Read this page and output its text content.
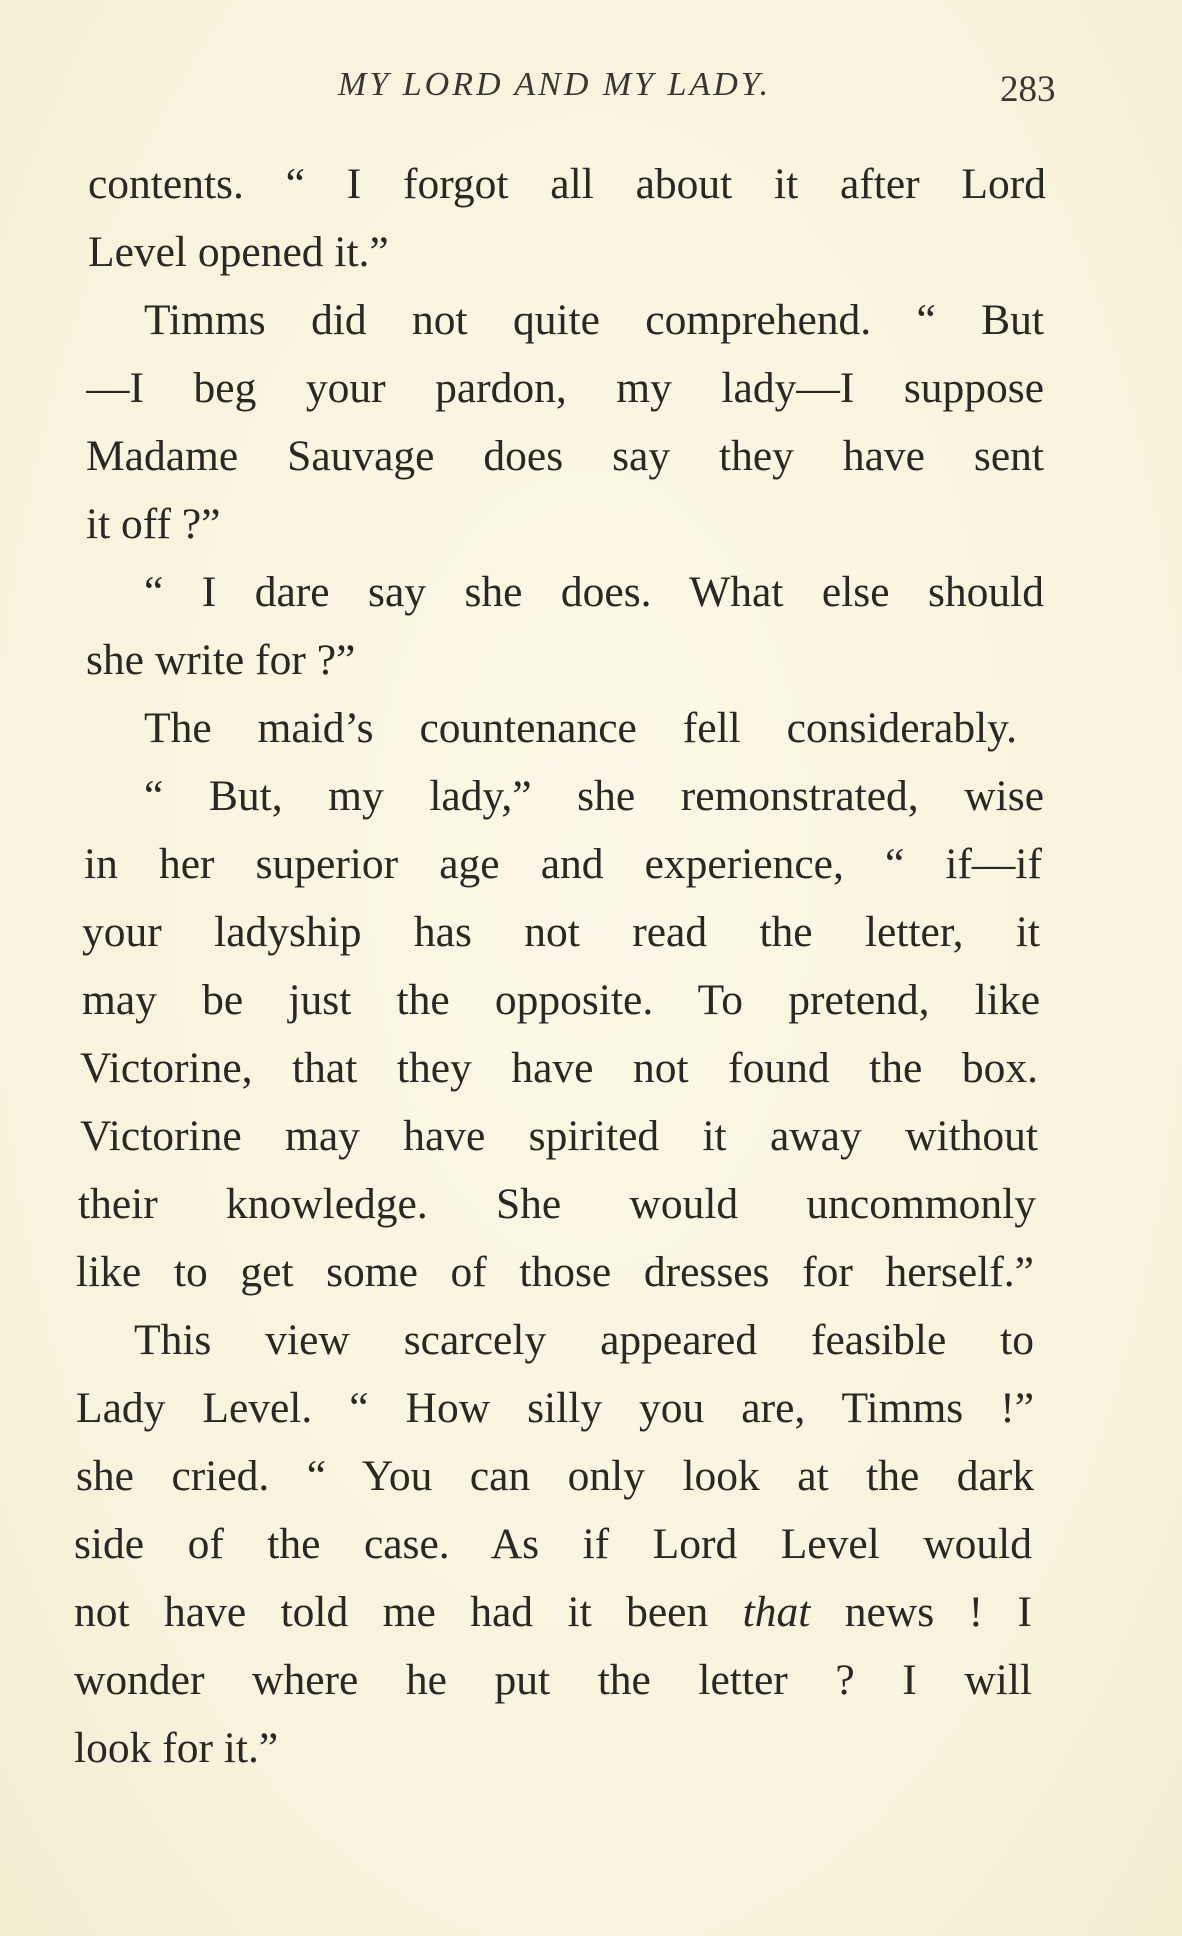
MY LORD AND MY LADY.	283
contents. “ I forgot all about it after Lord
Level opened it.”
Timms did not quite comprehend. “ But
—I beg your pardon, my lady—I suppose
Madame Sauvage does say they have sent
it off ?”
“ I dare say she does. What else should
she write for ?”
The maid’s countenance fell considerably.
“ But, my lady,” she remonstrated, wise
in her superior age and experience, “ if—if
your ladyship has not read the letter, it
may be just the opposite. To pretend, like
Victorine, that they have not found the box.
Victorine may have spirited it away without
their knowledge. She would uncommonly
like to get some of those dresses for herself.”
This view scarcely appeared feasible to
Lady Level. “ How silly you are, Timms !”
she cried. “ You can only look at the dark
side of the case. As if Lord Level would
not have told me had it been that news ! I
wonder where he put the letter ? I will
look for it.”
